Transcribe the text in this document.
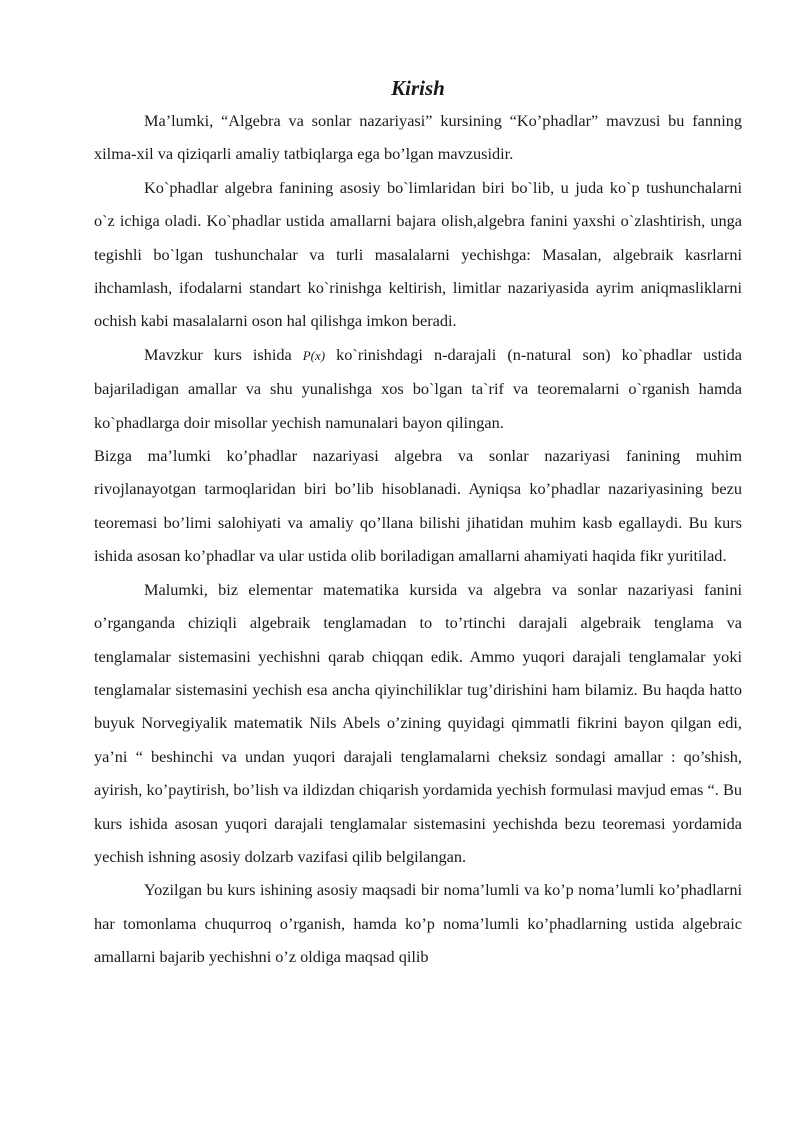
Kirish

Ma’lumki, “Algebra va sonlar nazariyasi” kursining “Ko’phadlar” mavzusi bu fanning xilma-xil va qiziqarli amaliy tatbiqlarga ega bo’lgan mavzusidir.

Ko`phadlar algebra fanining asosiy bo`limlaridan biri bo`lib, u juda ko`p tushunchalarni o`z ichiga oladi. Ko`phadlar ustida amallarni bajara olish,algebra fanini yaxshi o`zlashtirish, unga tegishli bo`lgan tushunchalar va turli masalalarni yechishga: Masalan, algebraik kasrlarni ihchamlash, ifodalarni standart ko`rinishga keltirish, limitlar nazariyasida ayrim aniqmasliklarni ochish kabi masalalarni oson hal qilishga imkon beradi.

Mavzkur kurs ishida P(x) ko`rinishdagi n-darajali (n-natural son) ko`phadlar ustida bajariladigan amallar va shu yunalishga xos bo`lgan ta`rif va teoremalarni o`rganish hamda ko`phadlarga doir misollar yechish namunalari bayon qilingan.

Bizga ma’lumki ko’phadlar nazariyasi algebra va sonlar nazariyasi fanining muhim rivojlanayotgan tarmoqlaridan biri bo’lib hisoblanadi. Ayniqsa ko’phadlar nazariyasining bezu teoremasi bo’limi salohiyati va amaliy qo’llana bilishi jihatidan muhim kasb egallaydi. Bu kurs ishida asosan ko’phadlar va ular ustida olib boriladigan amallarni ahamiyati haqida fikr yuritilad.

Malumki, biz elementar matematika kursida va algebra va sonlar nazariyasi fanini o’rganganda chiziqli algebraik tenglamadan to to’rtinchi darajali algebraik tenglama va tenglamalar sistemasini yechishni qarab chiqqan edik. Ammo yuqori darajali tenglamalar yoki tenglamalar sistemasini yechish esa ancha qiyinchiliklar tug’dirishini ham bilamiz. Bu haqda hatto buyuk Norvegiyalik matematik Nils Abels o’zining quyidagi qimmatli fikrini bayon qilgan edi, ya’ni “ beshinchi va undan yuqori darajali tenglamalarni cheksiz sondagi amallar : qo’shish, ayirish, ko’paytirish, bo’lish va ildizdan chiqarish yordamida yechish formulasi mavjud emas “. Bu kurs ishida asosan yuqori darajali tenglamalar sistemasini yechishda bezu teoremasi yordamida yechish ishning asosiy dolzarb vazifasi qilib belgilangan.

Yozilgan bu kurs ishining asosiy maqsadi bir noma’lumli va ko’p noma’lumli ko’phadlarni har tomonlama chuqurroq o’rganish, hamda ko’p noma’lumli ko’phadlarning ustida algebraic amallarni bajarib yechishni o’z oldiga maqsad qilib
